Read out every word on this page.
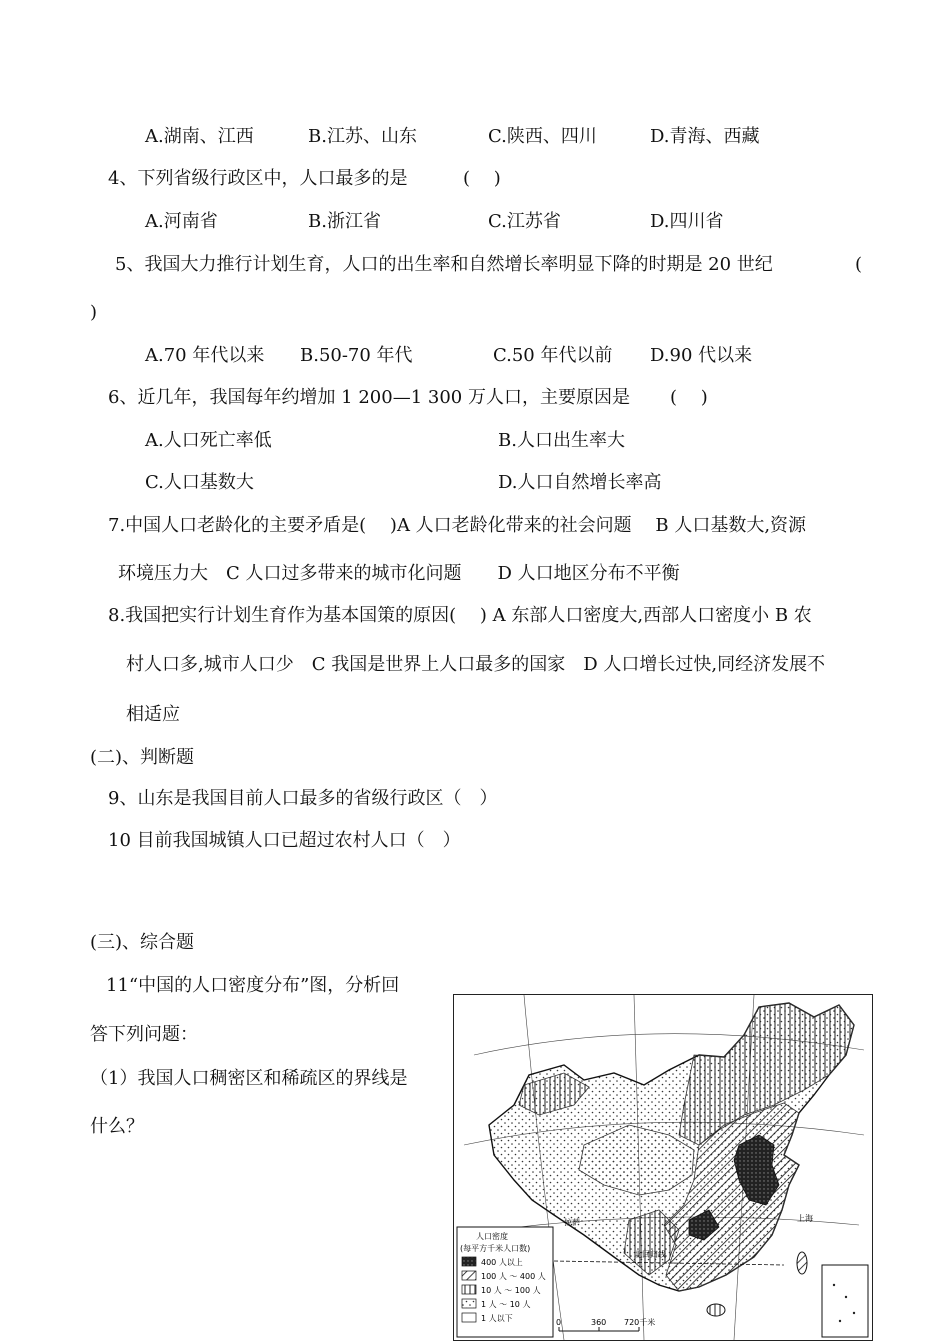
A.湖南、江西	B.江苏、山东	C.陕西、四川	D.青海、西藏
4、下列省级行政区中，人口最多的是	(　 )
A.河南省	B.浙江省	C.江苏省	D.四川省
5、我国大力推行计划生育，人口的出生率和自然增长率明显下降的时期是 20 世纪	(
)
A.70 年代以来 B.50-70 年代	C.50 年代以前 D.90 代以来
6、近几年，我国每年约增加 1 200—1 300 万人口，主要原因是 (　 )
A.人口死亡率低	B.人口出生率大
C.人口基数大	D.人口自然增长率高
7.中国人口老龄化的主要矛盾是(　 )A 人口老龄化带来的社会问题　 B 人口基数大,资源
环境压力大　C 人口过多带来的城市化问题　　D 人口地区分布不平衡
8.我国把实行计划生育作为基本国策的原因(　 ) A 东部人口密度大,西部人口密度小 B 农
村人口多,城市人口少　C 我国是世界上人口最多的国家　D 人口增长过快,同经济发展不
相适应
(二)、判断题
9、山东是我国目前人口最多的省级行政区（　）
10 目前我国城镇人口已超过农村人口（　）
(三)、综合题
11“中国的人口密度分布”图，分析回
答下列问题：
（1）我国人口稠密区和稀疏区的界线是
什么？
上海
北回归线
拉萨
人口密度
(每平方千米人口数)
400 人以上
100 人 ～ 400 人
10 人 ～ 100 人
1 人 ～ 10 人
1 人以下	0	360 720千米
